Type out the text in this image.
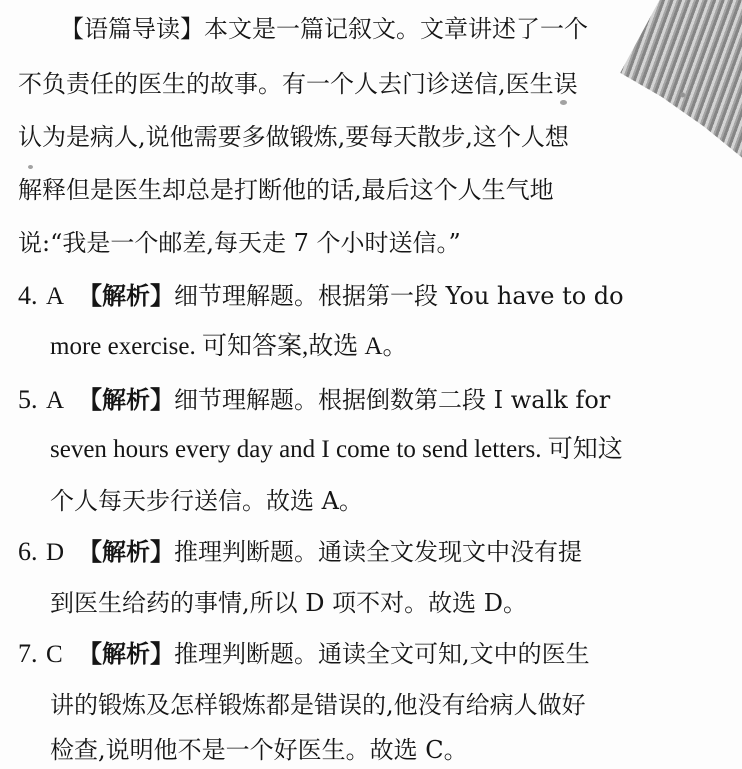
【语篇导读】本文是一篇记叙文。文章讲述了一个
不负责任的医生的故事。有一个人去门诊送信,医生误
认为是病人,说他需要多做锻炼,要每天散步,这个人想
解释但是医生却总是打断他的话,最后这个人生气地
说:“我是一个邮差,每天走 7 个小时送信。”
4. A 【解析】细节理解题。根据第一段 You have to do
more exercise. 可知答案,故选 A。
5. A 【解析】细节理解题。根据倒数第二段 I walk for
seven hours every day and I come to send letters. 可知这
个人每天步行送信。故选 A。
6. D 【解析】推理判断题。通读全文发现文中没有提
到医生给药的事情,所以 D 项不对。故选 D。
7. C 【解析】推理判断题。通读全文可知,文中的医生
讲的锻炼及怎样锻炼都是错误的,他没有给病人做好
检查,说明他不是一个好医生。故选 C。
